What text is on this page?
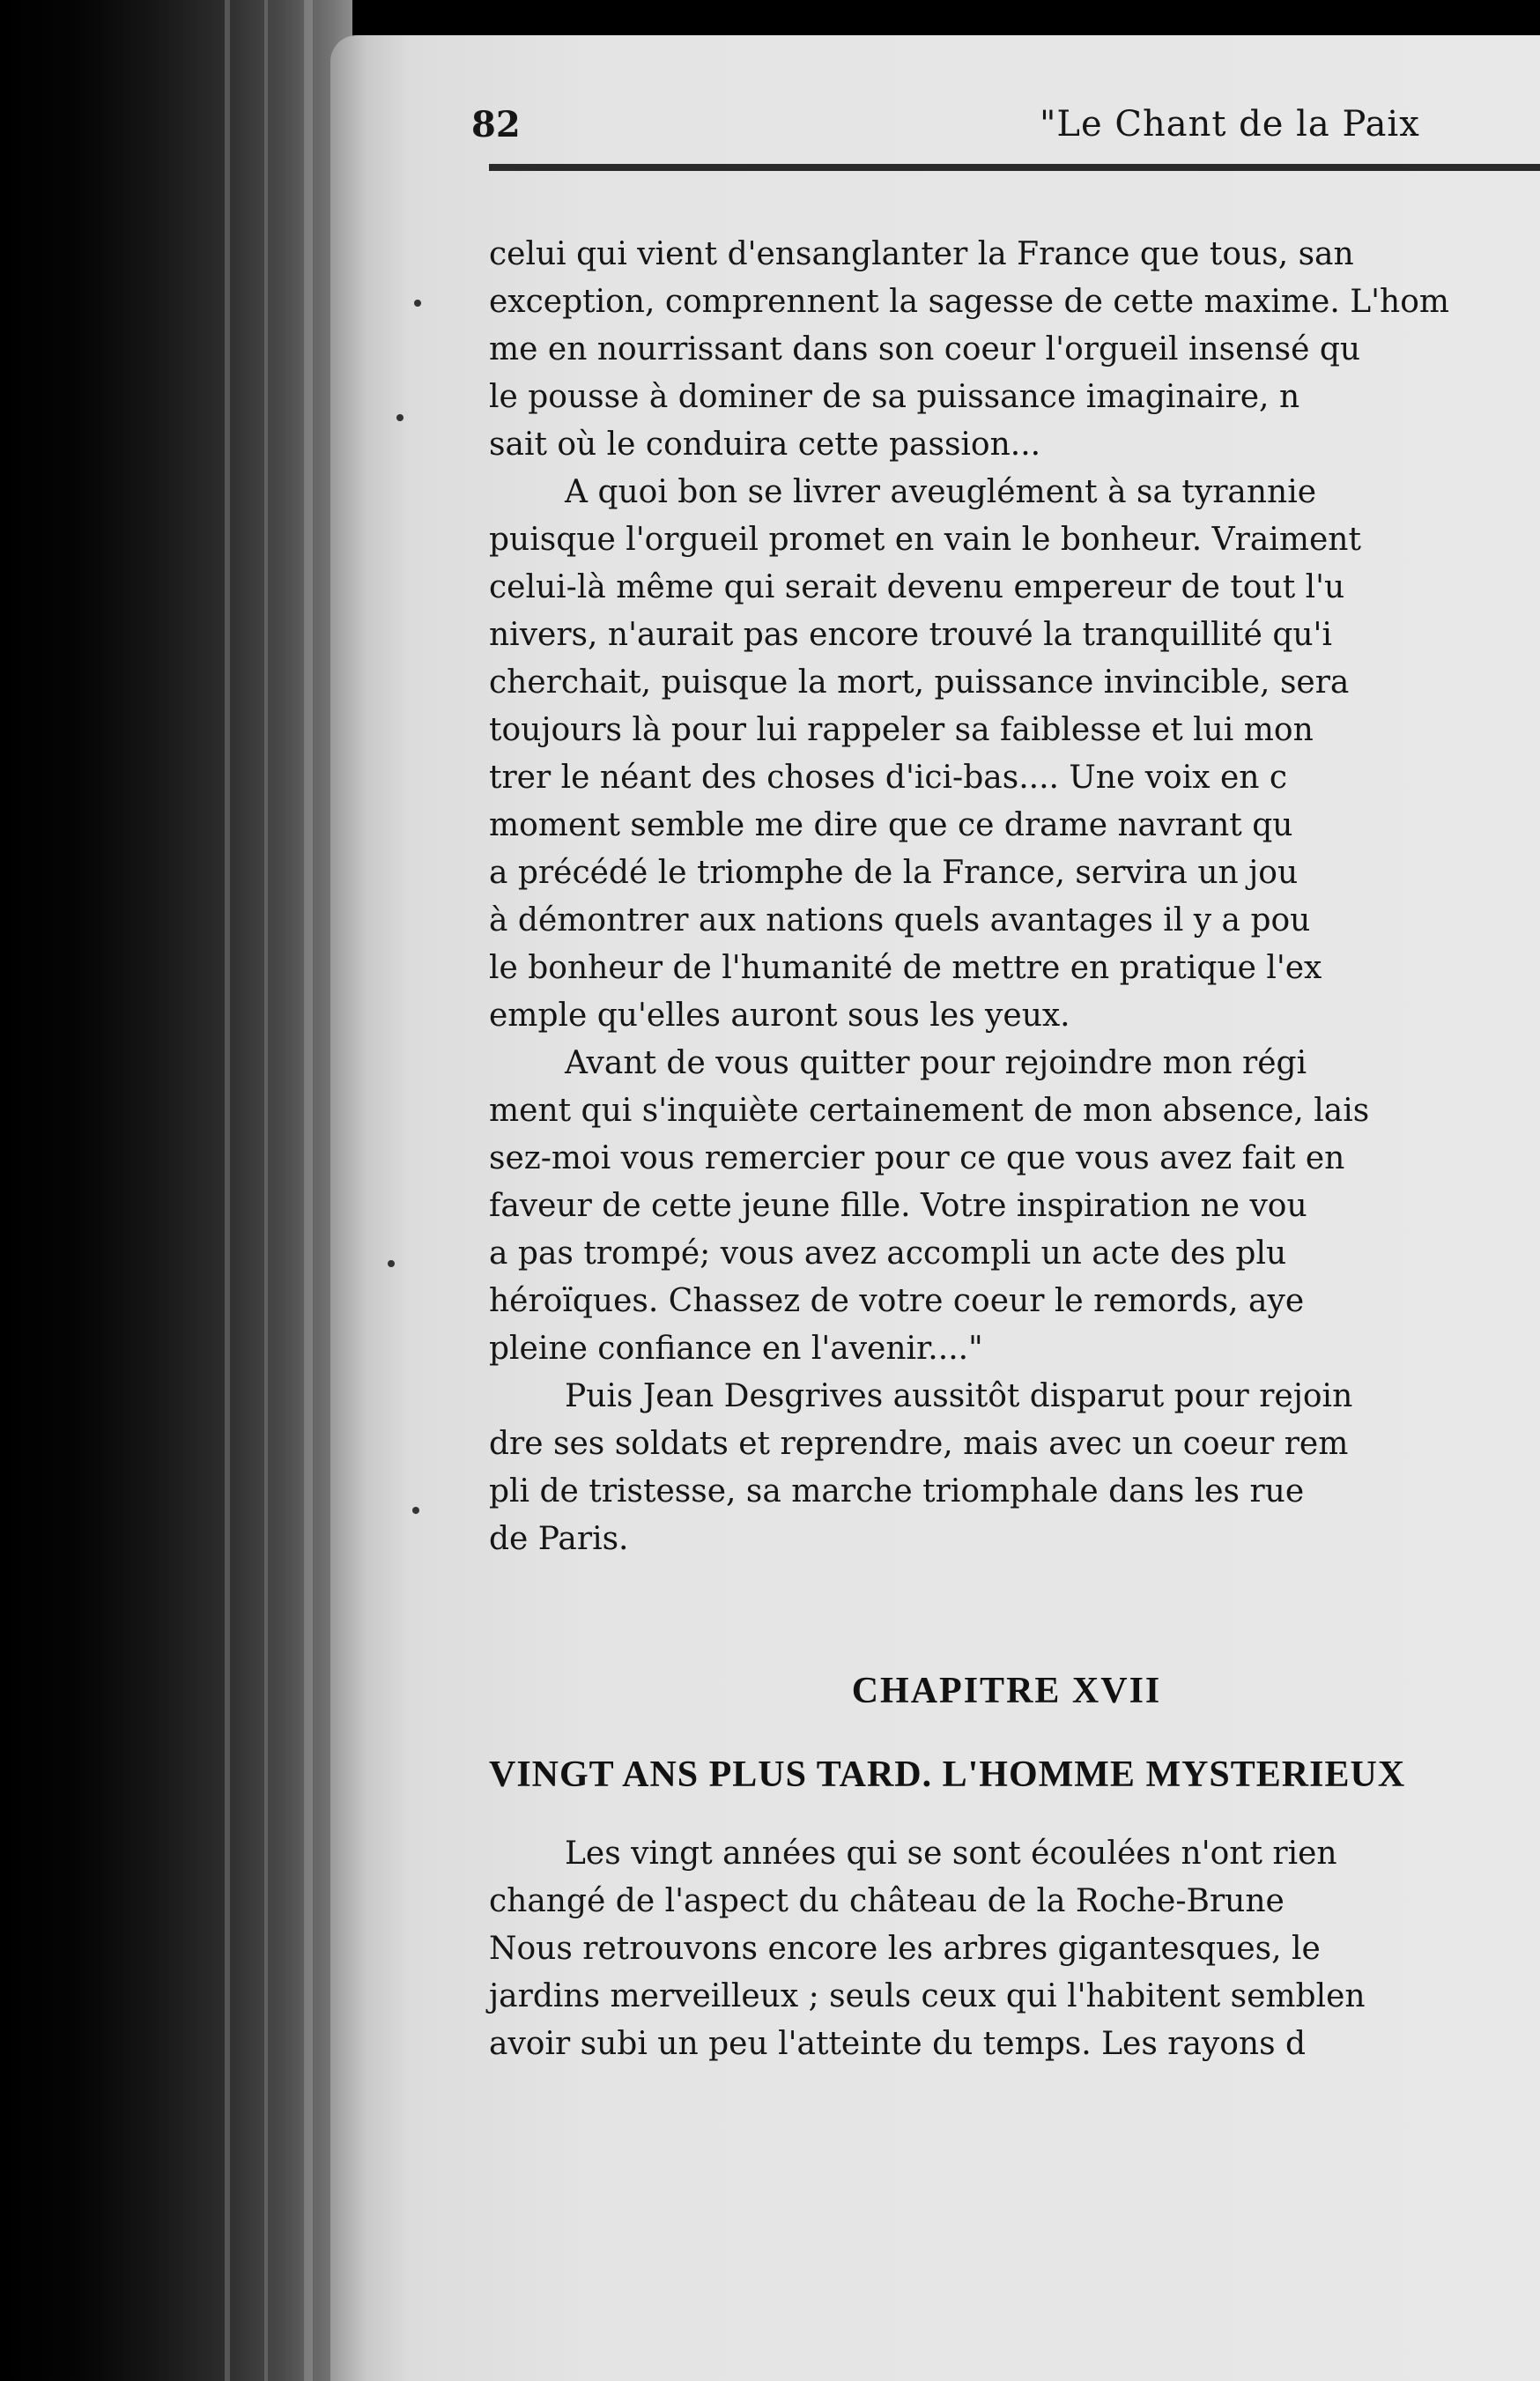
82	"Le Chant de la Paix
celui qui vient d'ensanglanter la France que tous, san
exception, comprennent la sagesse de cette maxime. L'hom
me en nourrissant dans son coeur l'orgueil insensé qu
le pousse à dominer de sa puissance imaginaire, n
sait où le conduira cette passion...
A quoi bon se livrer aveuglément à sa tyrannie
puisque l'orgueil promet en vain le bonheur. Vraiment
celui-là même qui serait devenu empereur de tout l'u
nivers, n'aurait pas encore trouvé la tranquillité qu'i
cherchait, puisque la mort, puissance invincible, sera
toujours là pour lui rappeler sa faiblesse et lui mon
trer le néant des choses d'ici-bas.... Une voix en c
moment semble me dire que ce drame navrant qu
a précédé le triomphe de la France, servira un jou
à démontrer aux nations quels avantages il y a pou
le bonheur de l'humanité de mettre en pratique l'ex
emple qu'elles auront sous les yeux.
Avant de vous quitter pour rejoindre mon régi
ment qui s'inquiète certainement de mon absence, lais
sez-moi vous remercier pour ce que vous avez fait en
faveur de cette jeune fille. Votre inspiration ne vou
a pas trompé; vous avez accompli un acte des plu
héroïques. Chassez de votre coeur le remords, aye
pleine confiance en l'avenir...."
Puis Jean Desgrives aussitôt disparut pour rejoin
dre ses soldats et reprendre, mais avec un coeur rem
pli de tristesse, sa marche triomphale dans les rue
de Paris.
CHAPITRE XVII
VINGT ANS PLUS TARD. L'HOMME MYSTERIEUX
Les vingt années qui se sont écoulées n'ont rien
changé de l'aspect du château de la Roche-Brune
Nous retrouvons encore les arbres gigantesques, le
jardins merveilleux ; seuls ceux qui l'habitent semblen
avoir subi un peu l'atteinte du temps. Les rayons d
